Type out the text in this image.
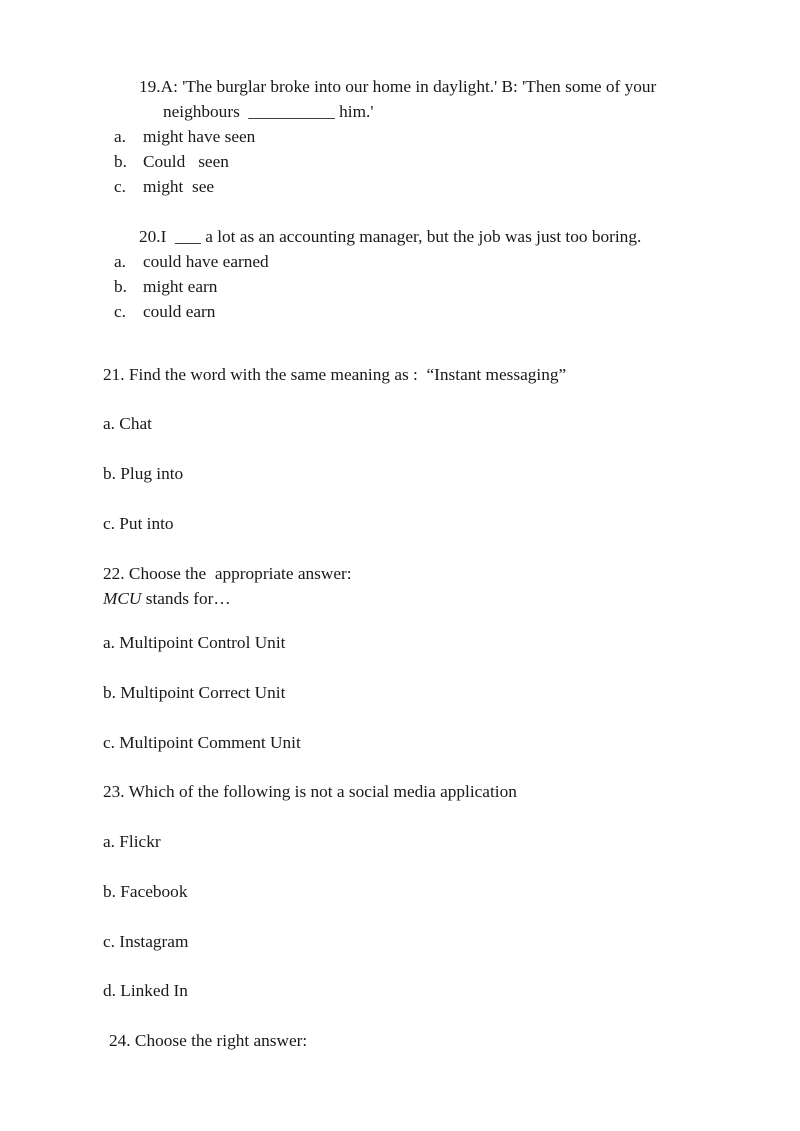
19.A: 'The burglar broke into our home in daylight.' B: 'Then some of your
neighbours  __________ him.'
a. might have seen
b. Could   seen
c. might  see
20.I  ___ a lot as an accounting manager, but the job was just too boring.
a. could have earned
b. might earn
c. could earn
21. Find the word with the same meaning as :  “Instant messaging”
a. Chat
b. Plug into
c. Put into
22. Choose the  appropriate answer:
MCU stands for…
a. Multipoint Control Unit
b. Multipoint Correct Unit
c. Multipoint Comment Unit
23. Which of the following is not a social media application
a. Flickr
b. Facebook
c. Instagram
d. Linked In
24. Choose the right answer:
